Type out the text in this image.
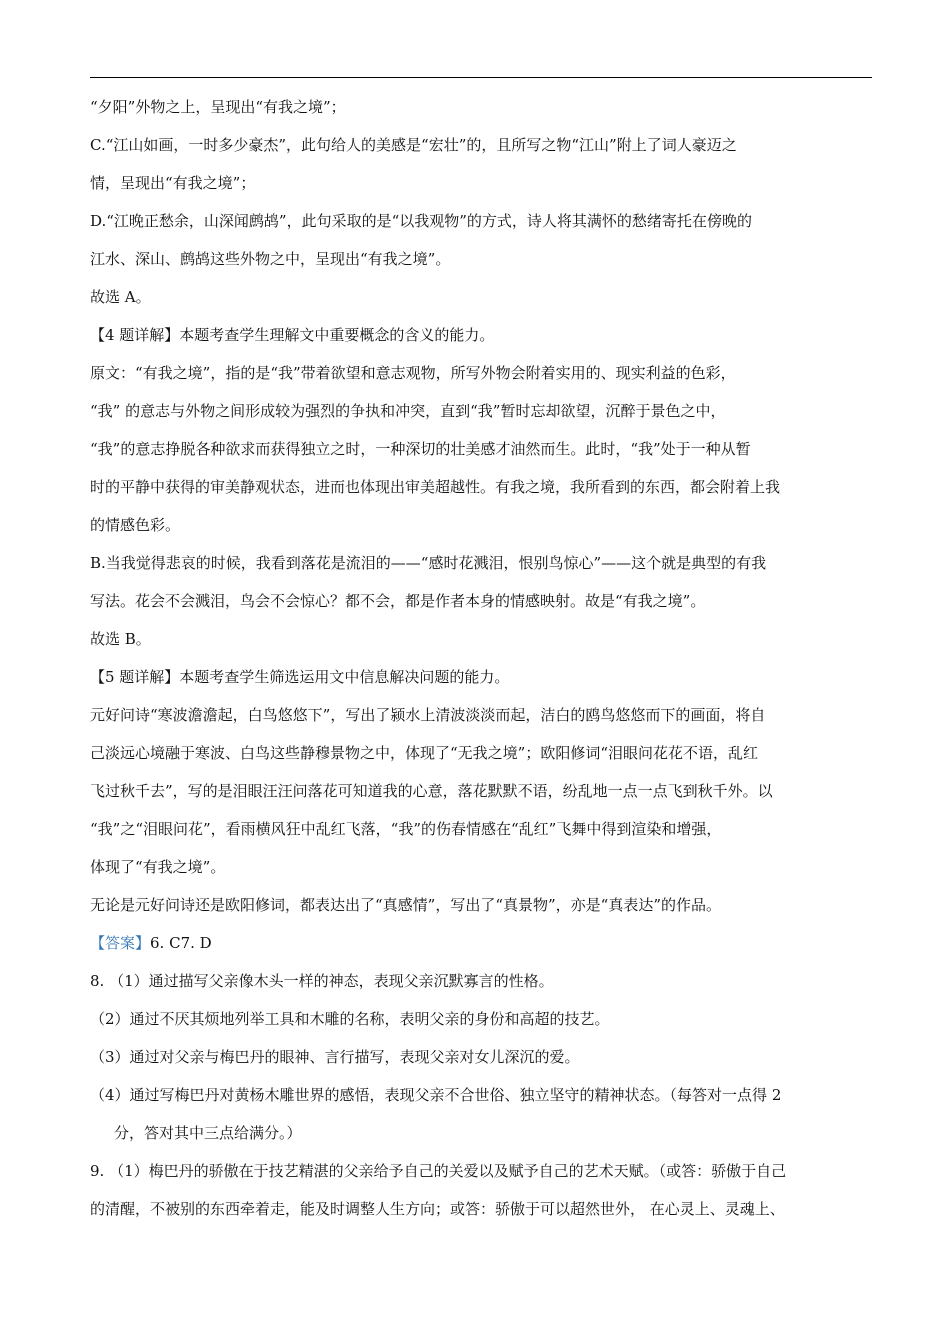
“夕阳”外物之上，呈现出“有我之境”；
C.“江山如画，一时多少豪杰”，此句给人的美感是“宏壮”的，且所写之物“江山”附上了词人豪迈之
情，呈现出“有我之境”；
D.“江晚正愁余，山深闻鹧鸪”，此句采取的是“以我观物”的方式，诗人将其满怀的愁绪寄托在傍晚的
江水、深山、鹧鸪这些外物之中，呈现出“有我之境”。
故选 A。
【4 题详解】本题考查学生理解文中重要概念的含义的能力。
原文：“有我之境”，指的是“我”带着欲望和意志观物，所写外物会附着实用的、现实利益的色彩，
“我” 的意志与外物之间形成较为强烈的争执和冲突，直到“我”暂时忘却欲望，沉醉于景色之中，
“我”的意志挣脱各种欲求而获得独立之时，一种深切的壮美感才油然而生。此时，“我”处于一种从暂
时的平静中获得的审美静观状态，进而也体现出审美超越性。有我之境，我所看到的东西，都会附着上我
的情感色彩。
B.当我觉得悲哀的时候，我看到落花是流泪的——“感时花溅泪，恨别鸟惊心”——这个就是典型的有我
写法。花会不会溅泪，鸟会不会惊心？都不会，都是作者本身的情感映射。故是“有我之境”。
故选 B。
【5 题详解】本题考查学生筛选运用文中信息解决问题的能力。
元好问诗“寒波澹澹起，白鸟悠悠下”，写出了颍水上清波淡淡而起，洁白的鸥鸟悠悠而下的画面，将自
己淡远心境融于寒波、白鸟这些静穆景物之中，体现了“无我之境”；欧阳修词“泪眼问花花不语，乱红
飞过秋千去”，写的是泪眼汪汪问落花可知道我的心意，落花默默不语，纷乱地一点一点飞到秋千外。以
“我”之“泪眼问花”，看雨横风狂中乱红飞落，“我”的伤春情感在“乱红”飞舞中得到渲染和增强，
体现了“有我之境”。
无论是元好问诗还是欧阳修词，都表达出了“真感情”，写出了“真景物”，亦是“真表达”的作品。
【答案】6. C7. D
8. （1）通过描写父亲像木头一样的神态，表现父亲沉默寡言的性格。
（2）通过不厌其烦地列举工具和木雕的名称，表明父亲的身份和高超的技艺。
（3）通过对父亲与梅巴丹的眼神、言行描写，表现父亲对女儿深沉的爱。
（4）通过写梅巴丹对黄杨木雕世界的感悟，表现父亲不合世俗、独立坚守的精神状态。（每答对一点得 2
分，答对其中三点给满分。）
9. （1）梅巴丹的骄傲在于技艺精湛的父亲给予自己的关爱以及赋予自己的艺术天赋。（或答：骄傲于自己
的清醒，不被别的东西牵着走，能及时调整人生方向；或答：骄傲于可以超然世外， 在心灵上、灵魂上、
